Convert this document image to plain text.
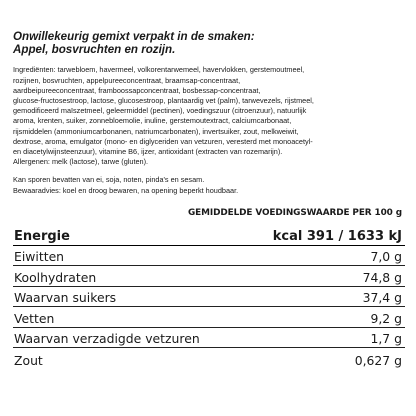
Onwillekeurig gemixt verpakt in de smaken:
Appel, bosvruchten en rozijn.

Ingrediënten: tarwebloem, havermeel, volkorentarwemeel, havervlokken, gerstemoutmeel,
rozijnen, bosvruchten, appelpureeconcentraat, braamsap-concentraat,
aardbeipureeconcentraat, framboossapconcentraat, bosbessap-concentraat,
glucose-fructosestroop, lactose, glucosestroop, plantaardig vet (palm), tarwevezels, rijstmeel,
gemodificeerd maïszetmeel, geleermiddel (pectinen), voedingszuur (citroenzuur), natuurlijk
aroma, krenten, suiker, zonnebloemolie, inuline, gerstemoutextract, calciumcarbonaat,
rijsmiddelen (ammoniumcarbonanen, natriumcarbonaten), invertsuiker, zout, melkweiwit,
dextrose, aroma, emulgator (mono- en diglyceriden van vetzuren, veresterd met monoacetyl-
en diacetylwijnsteenzuur), vitamine B6, ijzer, antioxidant (extracten van rozemarijn).
Allergenen: melk (lactose), tarwe (gluten).

Kan sporen bevatten van ei, soja, noten, pinda's en sesam.
Bewaaradvies: koel en droog bewaren, na opening beperkt houdbaar.

GEMIDDELDE VOEDINGSWAARDE PER 100 g
Energie	kcal 391 / 1633 kJ
Eiwitten	7,0 g
Koolhydraten	74,8 g
Waarvan suikers	37,4 g
Vetten	9,2 g
Waarvan verzadigde vetzuren	1,7 g
Zout	0,627 g
